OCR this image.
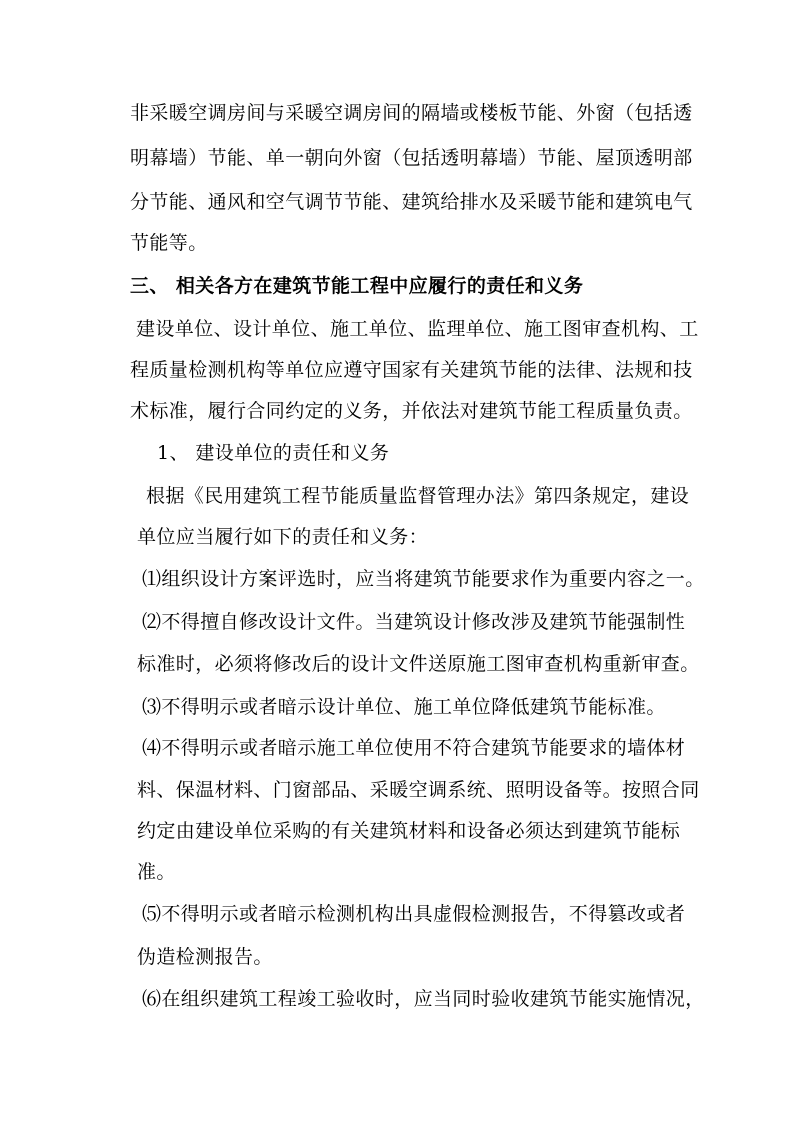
非采暖空调房间与采暖空调房间的隔墙或楼板节能、外窗（包括透
明幕墙）节能、单一朝向外窗（包括透明幕墙）节能、屋顶透明部
分节能、通风和空气调节节能、建筑给排水及采暖节能和建筑电气
节能等。
三、 相关各方在建筑节能工程中应履行的责任和义务
建设单位、设计单位、施工单位、监理单位、施工图审查机构、工
程质量检测机构等单位应遵守国家有关建筑节能的法律、法规和技
术标准，履行合同约定的义务，并依法对建筑节能工程质量负责。
1、 建设单位的责任和义务
根据《民用建筑工程节能质量监督管理办法》第四条规定，建设
单位应当履行如下的责任和义务：
⑴组织设计方案评选时，应当将建筑节能要求作为重要内容之一。
⑵不得擅自修改设计文件。当建筑设计修改涉及建筑节能强制性
标准时，必须将修改后的设计文件送原施工图审查机构重新审查。
⑶不得明示或者暗示设计单位、施工单位降低建筑节能标准。
⑷不得明示或者暗示施工单位使用不符合建筑节能要求的墙体材
料、保温材料、门窗部品、采暖空调系统、照明设备等。按照合同
约定由建设单位采购的有关建筑材料和设备必须达到建筑节能标
准。
⑸不得明示或者暗示检测机构出具虚假检测报告，不得篡改或者
伪造检测报告。
⑹在组织建筑工程竣工验收时，应当同时验收建筑节能实施情况，
